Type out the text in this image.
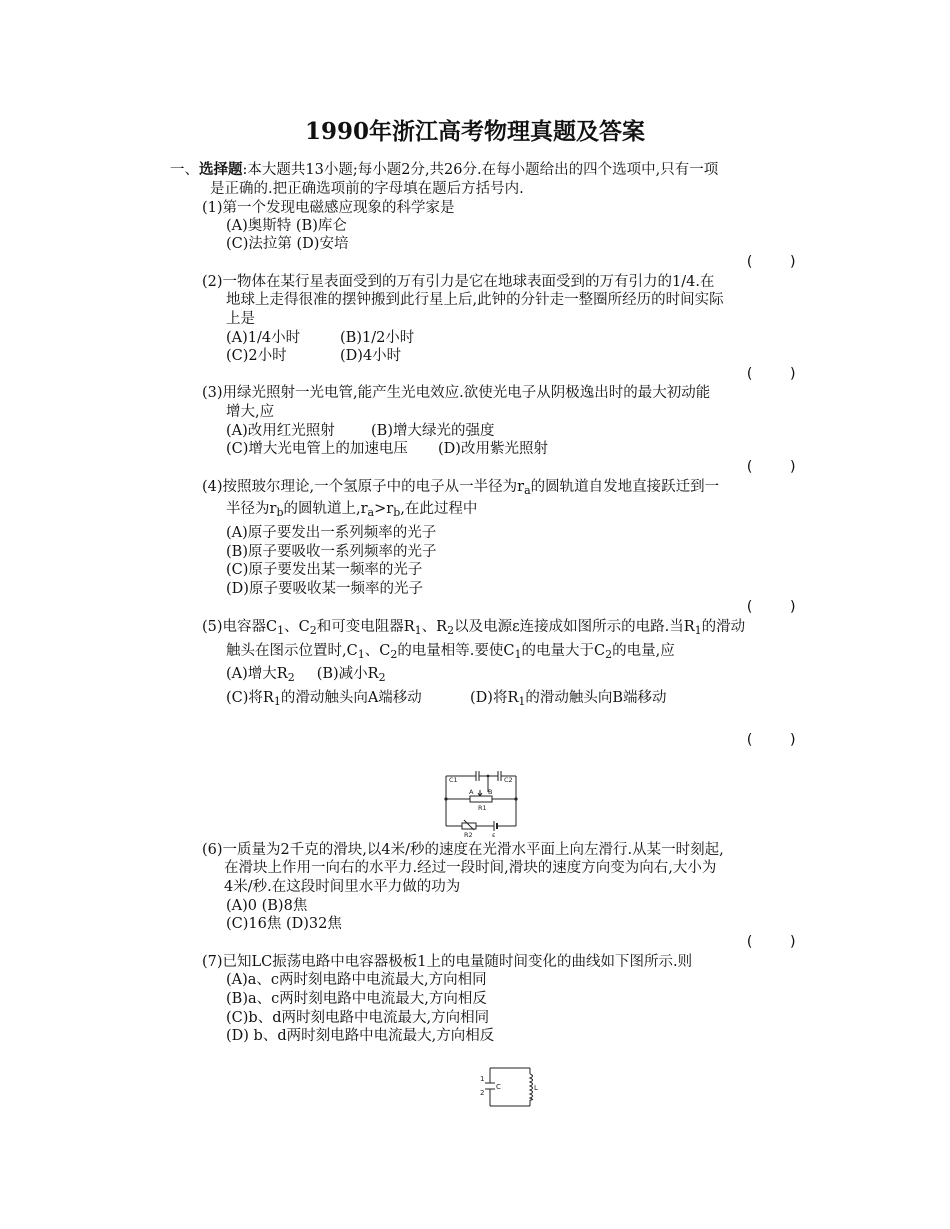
1990年浙江高考物理真题及答案
一、选择题:本大题共13小题;每小题2分,共26分.在每小题给出的四个选项中,只有一项
是正确的.把正确选项前的字母填在题后方括号内.
(1)第一个发现电磁感应现象的科学家是
(A)奥斯特 (B)库仑
(C)法拉第 (D)安培
(    )
(2)一物体在某行星表面受到的万有引力是它在地球表面受到的万有引力的1/4.在
地球上走得很准的摆钟搬到此行星上后,此钟的分针走一整圈所经历的时间实际
上是
(A)1/4小时	(B)1/2小时
(C)2小时	(D)4小时
(    )
(3)用绿光照射一光电管,能产生光电效应.欲使光电子从阴极逸出时的最大初动能
增大,应
(A)改用红光照射 (B)增大绿光的强度
(C)增大光电管上的加速电压 (D)改用紫光照射
(    )
(4)按照玻尔理论,一个氢原子中的电子从一半径为$r_a$的圆轨道自发地直接跃迁到一
半径为$r_b$的圆轨道上$,r_a>r_b$,在此过程中
(A)原子要发出一系列频率的光子
(B)原子要吸收一系列频率的光子
(C)原子要发出某一频率的光子
(D)原子要吸收某一频率的光子
(    )
(5)电容器$C_1$、$C_2$和可变电阻器$R_1$、$R_2$以及电源ε连接成如图所示的电路.当$R_1$的滑动
触头在图示位置时$,C_1$、$C_2$的电量相等.要使$C_1$的电量大于$C_2$的电量,应
(A)增大$R_2$ (B)减小$R_2$
(C)将$R_1$的滑动触头向A端移动	(D)将$R_1$的滑动触头向B端移动
(    )
C1	C2
A B
R1
R2	ε
(6)一质量为2千克的滑块,以4米/秒的速度在光滑水平面上向左滑行.从某一时刻起,
在滑块上作用一向右的水平力.经过一段时间,滑块的速度方向变为向右,大小为
4米/秒.在这段时间里水平力做的功为
(A)0 (B)8焦
(C)16焦 (D)32焦
(    )
(7)已知LC振荡电路中电容器极板1上的电量随时间变化的曲线如下图所示.则
(A)a、c两时刻电路中电流最大,方向相同
(B)a、c两时刻电路中电流最大,方向相反
(C)b、d两时刻电路中电流最大,方向相同
(D) b、d两时刻电路中电流最大,方向相反
1
2
C	L
